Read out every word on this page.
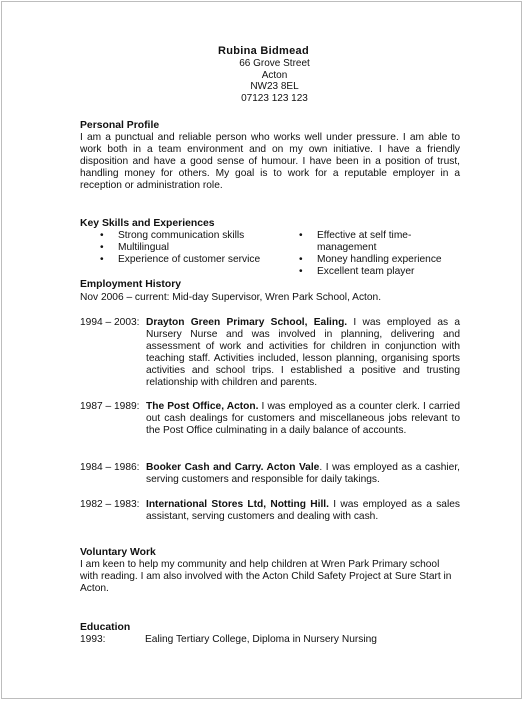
Rubina Bidmead
66 Grove Street
Acton
NW23 8EL
07123 123 123
Personal Profile
I am a punctual and reliable person who works well under pressure. I am able to work both in a team environment and on my own initiative. I have a friendly disposition and have a good sense of humour. I have been in a position of trust, handling money for others. My goal is to work for a reputable employer in a reception or administration role.
Key Skills and Experiences
• Strong communication skills
• Multilingual
• Experience of customer service
• Effective at self time-management
• Money handling experience
• Excellent team player
Employment History
Nov 2006 – current: Mid-day Supervisor, Wren Park School, Acton.
1994 – 2003: Drayton Green Primary School, Ealing. I was employed as a Nursery Nurse and was involved in planning, delivering and assessment of work and activities for children in conjunction with teaching staff. Activities included, lesson planning, organising sports activities and school trips. I established a positive and trusting relationship with children and parents.
1987 – 1989: The Post Office, Acton. I was employed as a counter clerk. I carried out cash dealings for customers and miscellaneous jobs relevant to the Post Office culminating in a daily balance of accounts.
1984 – 1986: Booker Cash and Carry. Acton Vale. I was employed as a cashier, serving customers and responsible for daily takings.
1982 – 1983: International Stores Ltd, Notting Hill. I was employed as a sales assistant, serving customers and dealing with cash.
Voluntary Work
I am keen to help my community and help children at Wren Park Primary school with reading. I am also involved with the Acton Child Safety Project at Sure Start in Acton.
Education
1993:	Ealing Tertiary College, Diploma in Nursery Nursing
